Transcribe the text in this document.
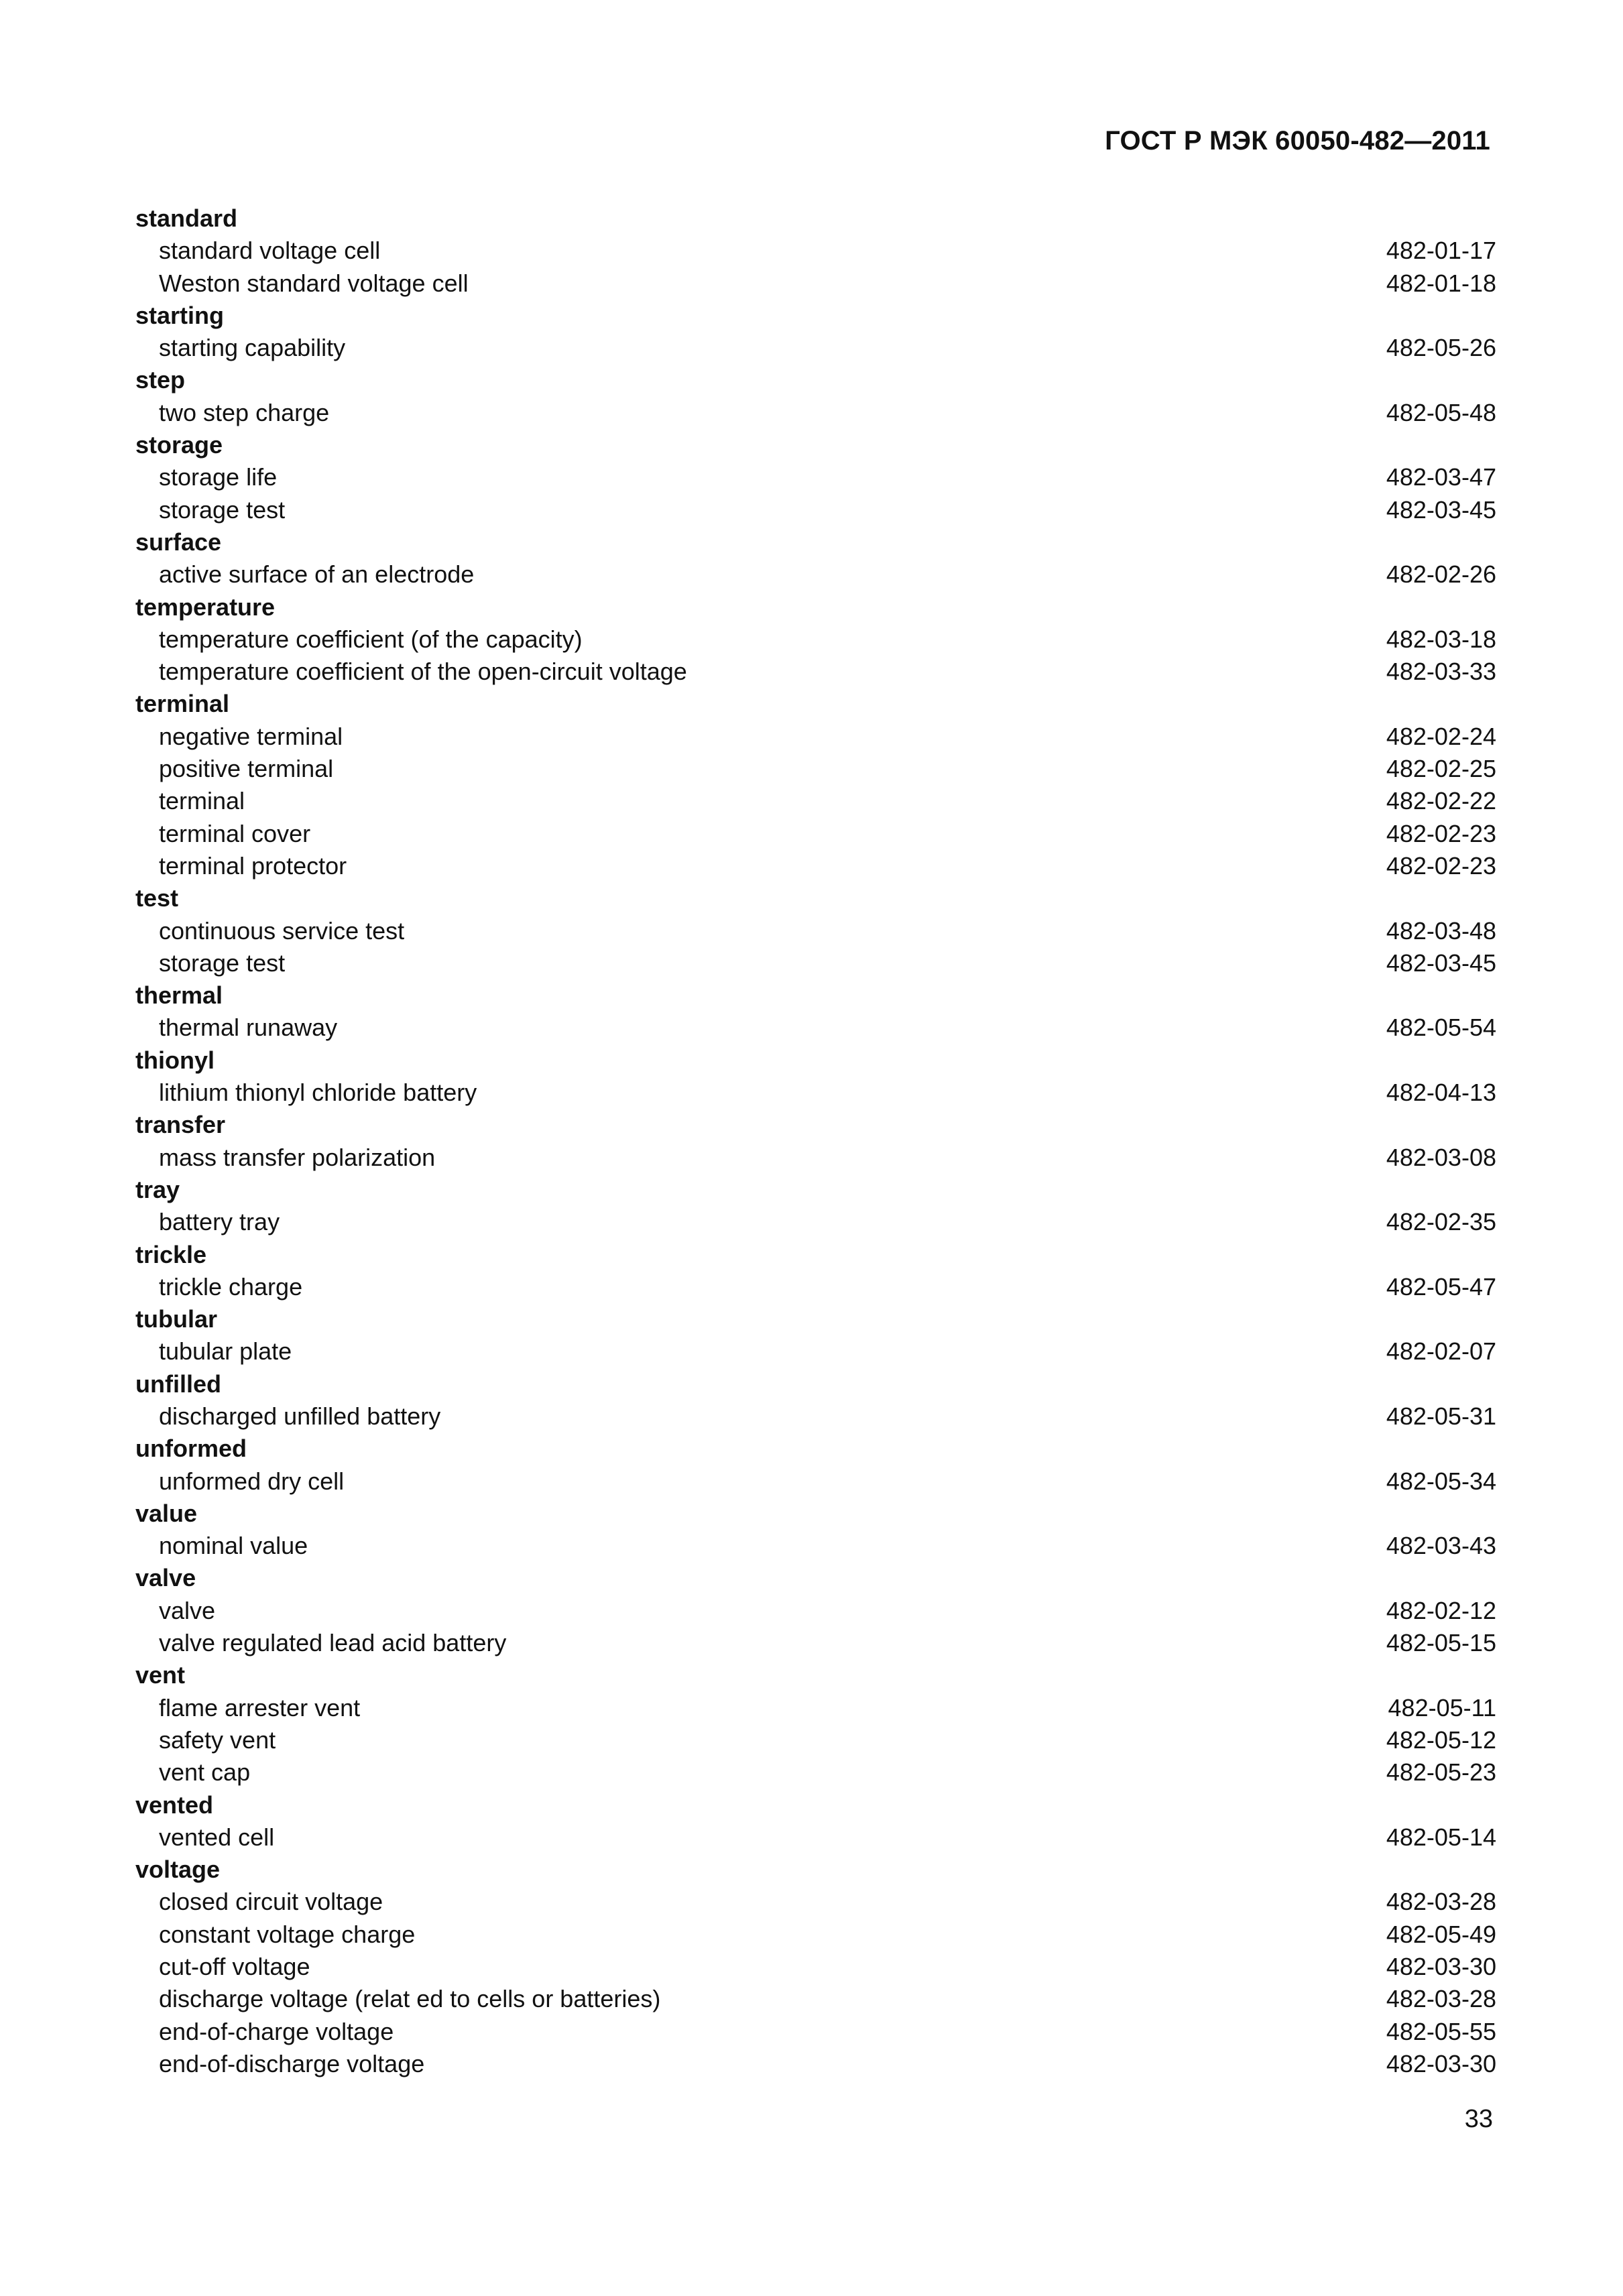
ГОСТ Р МЭК 60050-482—2011
standard
standard voltage cell	482-01-17
Weston standard voltage cell	482-01-18
starting
starting capability	482-05-26
step
two step charge	482-05-48
storage
storage life	482-03-47
storage test	482-03-45
surface
active surface of an electrode	482-02-26
temperature
temperature coefficient (of the capacity)	482-03-18
temperature coefficient of the open-circuit voltage	482-03-33
terminal
negative terminal	482-02-24
positive terminal	482-02-25
terminal	482-02-22
terminal cover	482-02-23
terminal protector	482-02-23
test
continuous service test	482-03-48
storage test	482-03-45
thermal
thermal runaway	482-05-54
thionyl
lithium thionyl chloride battery	482-04-13
transfer
mass transfer polarization	482-03-08
tray
battery tray	482-02-35
trickle
trickle charge	482-05-47
tubular
tubular plate	482-02-07
unfilled
discharged unfilled battery	482-05-31
unformed
unformed dry cell	482-05-34
value
nominal value	482-03-43
valve
valve	482-02-12
valve regulated lead acid battery	482-05-15
vent
flame arrester vent	482-05-11
safety vent	482-05-12
vent cap	482-05-23
vented
vented cell	482-05-14
voltage
closed circuit voltage	482-03-28
constant voltage charge	482-05-49
cut-off voltage	482-03-30
discharge voltage (relat ed to cells or batteries)	482-03-28
end-of-charge voltage	482-05-55
end-of-discharge voltage	482-03-30
33
